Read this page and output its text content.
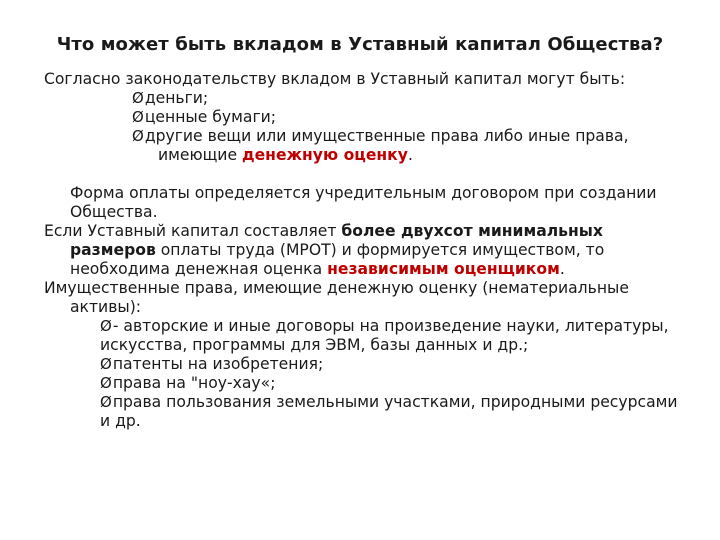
Что может быть вкладом в Уставный капитал Общества?

Согласно законодательству вкладом в Уставный капитал могут быть:

Øденьги;

Øценные бумаги;

Øдругие вещи или имущественные права либо иные права, имеющие денежную оценку.

Форма оплаты определяется учредительным договором при создании Общества.

Если Уставный капитал составляет более двухсот минимальных размеров оплаты труда (МРОТ) и формируется имуществом, то необходима денежная оценка независимым оценщиком.

Имущественные права, имеющие денежную оценку (нематериальные активы):

Ø- авторские и иные договоры на произведение науки, литературы, искусства, программы для ЭВМ, базы данных и др.;

Øпатенты на изобретения;

Øправа на "ноу-хау«;

Øправа пользования земельными участками, природными ресурсами и др.
